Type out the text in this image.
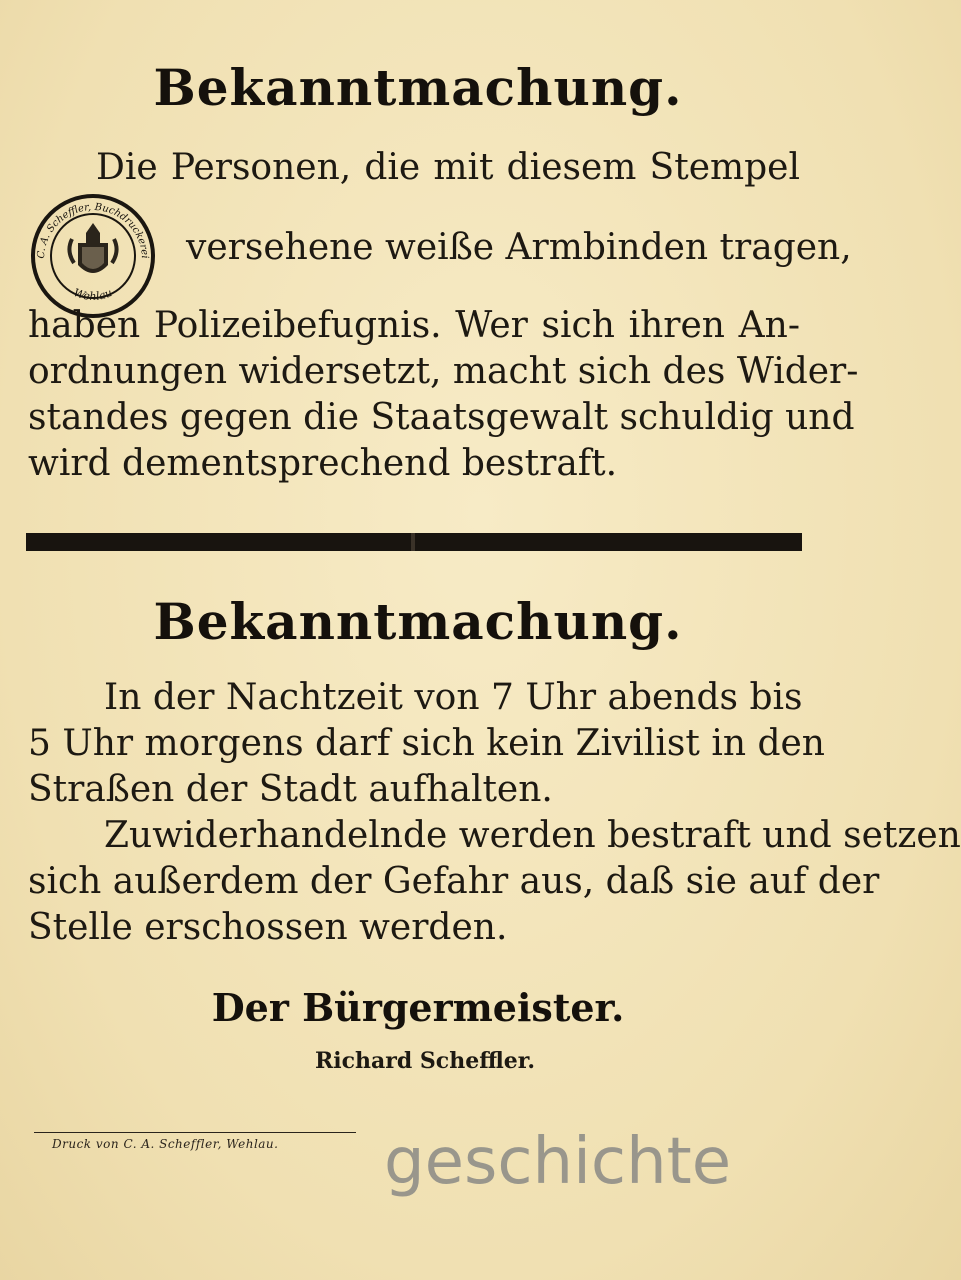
Bekanntmachung.
C. A. Scheffler, Buchdruckerei
Wehlau
Die Personen, die mit diesem Stempel
versehene weiße Armbinden tragen,
haben Polizeibefugnis. Wer sich ihren An-
ordnungen widersetzt, macht sich des Wider-
standes gegen die Staatsgewalt schuldig und
wird dementsprechend bestraft.
Bekanntmachung.
In der Nachtzeit von 7 Uhr abends bis
5 Uhr morgens darf sich kein Zivilist in den
Straßen der Stadt aufhalten.
Zuwiderhandelnde werden bestraft und setzen
sich außerdem der Gefahr aus, daß sie auf der
Stelle erschossen werden.
Der Bürgermeister.
Richard Scheffler.
Druck von C. A. Scheffler, Wehlau. geschichte
